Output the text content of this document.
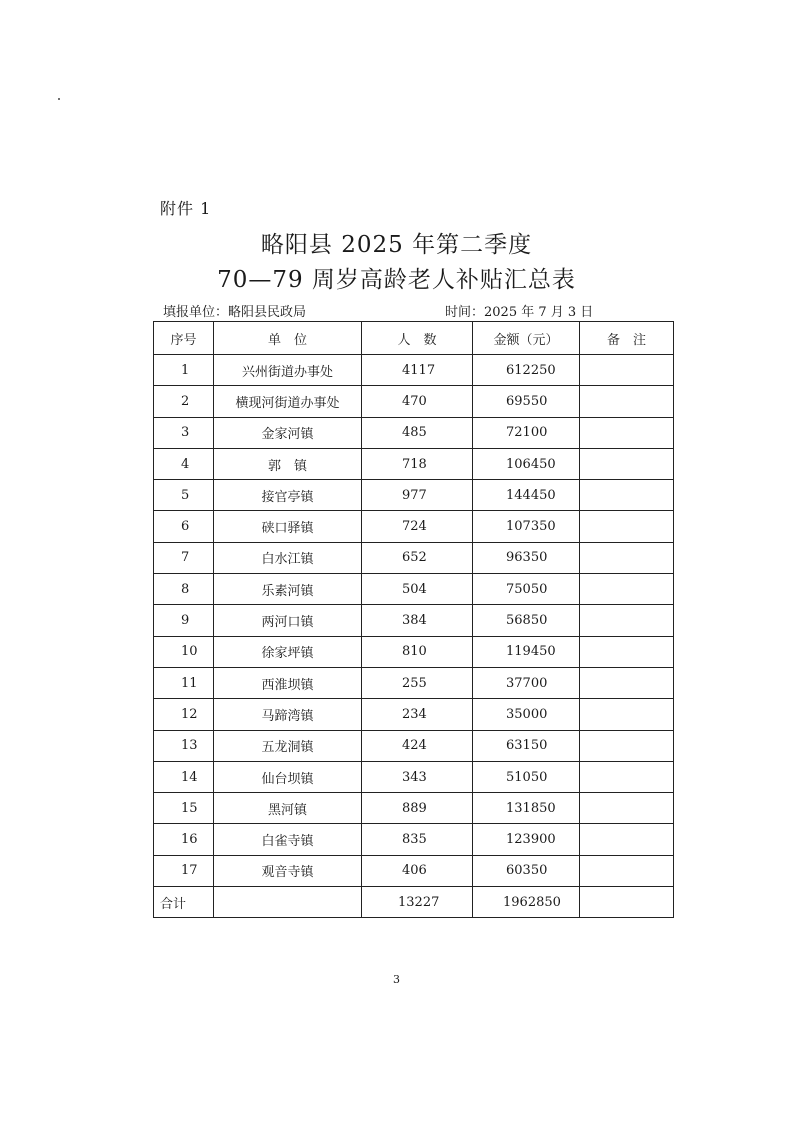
附件 1
略阳县 2025 年第二季度
70—79 周岁高龄老人补贴汇总表
填报单位：略阳县民政局	时间：2025 年 7 月 3 日
序号	单　位	人　数	金额（元）	备　注
1	兴州街道办事处	4117	612250	
2	横现河街道办事处	470	69550	
3	金家河镇	485	72100	
4	郭　镇	718	106450	
5	接官亭镇	977	144450	
6	硖口驿镇	724	107350	
7	白水江镇	652	96350	
8	乐素河镇	504	75050	
9	两河口镇	384	56850	
10	徐家坪镇	810	119450	
11	西淮坝镇	255	37700	
12	马蹄湾镇	234	35000	
13	五龙洞镇	424	63150	
14	仙台坝镇	343	51050	
15	黑河镇	889	131850	
16	白雀寺镇	835	123900	
17	观音寺镇	406	60350	
合计		13227	1962850	
3
